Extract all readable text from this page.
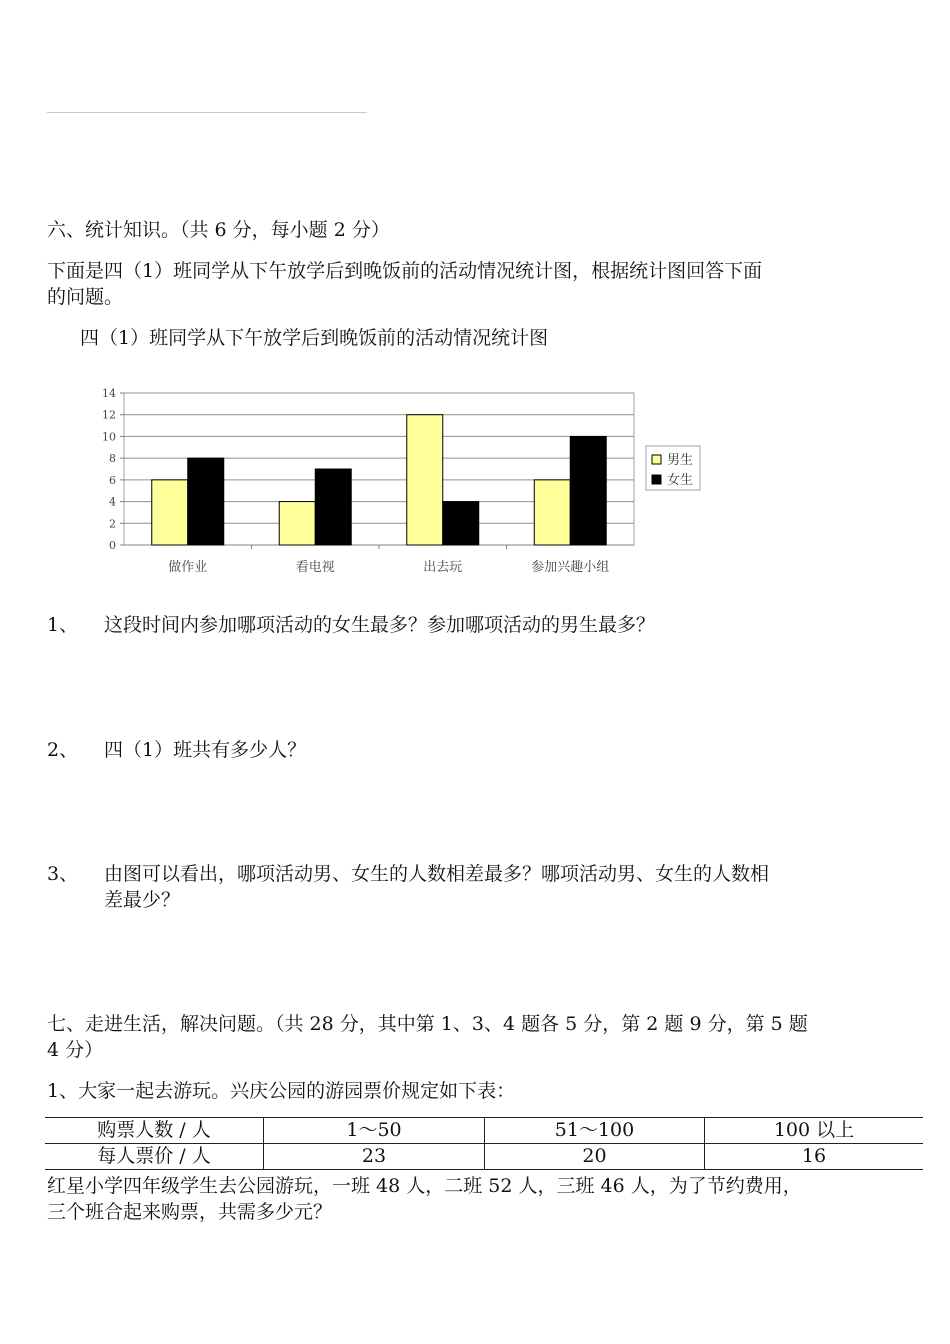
六、统计知识。（共 6 分，每小题 2 分）
下面是四（1）班同学从下午放学后到晚饭前的活动情况统计图，根据统计图回答下面
的问题。
四（1）班同学从下午放学后到晚饭前的活动情况统计图
0
2
4
6
8
10
12
14
做作业	看电视	出去玩	参加兴趣小组
男生
女生
1、 这段时间内参加哪项活动的女生最多？参加哪项活动的男生最多？
2、 四（1）班共有多少人？
3、 由图可以看出，哪项活动男、女生的人数相差最多？哪项活动男、女生的人数相
差最少？
七、走进生活，解决问题。（共 28 分，其中第 1、3、4 题各 5 分，第 2 题 9 分，第 5 题
4 分）
1、大家一起去游玩。兴庆公园的游园票价规定如下表：
购票人数 / 人	1～50	51～100	100 以上
每人票价 / 人	23	20	16
红星小学四年级学生去公园游玩，一班 48 人，二班 52 人，三班 46 人，为了节约费用，
三个班合起来购票，共需多少元？
